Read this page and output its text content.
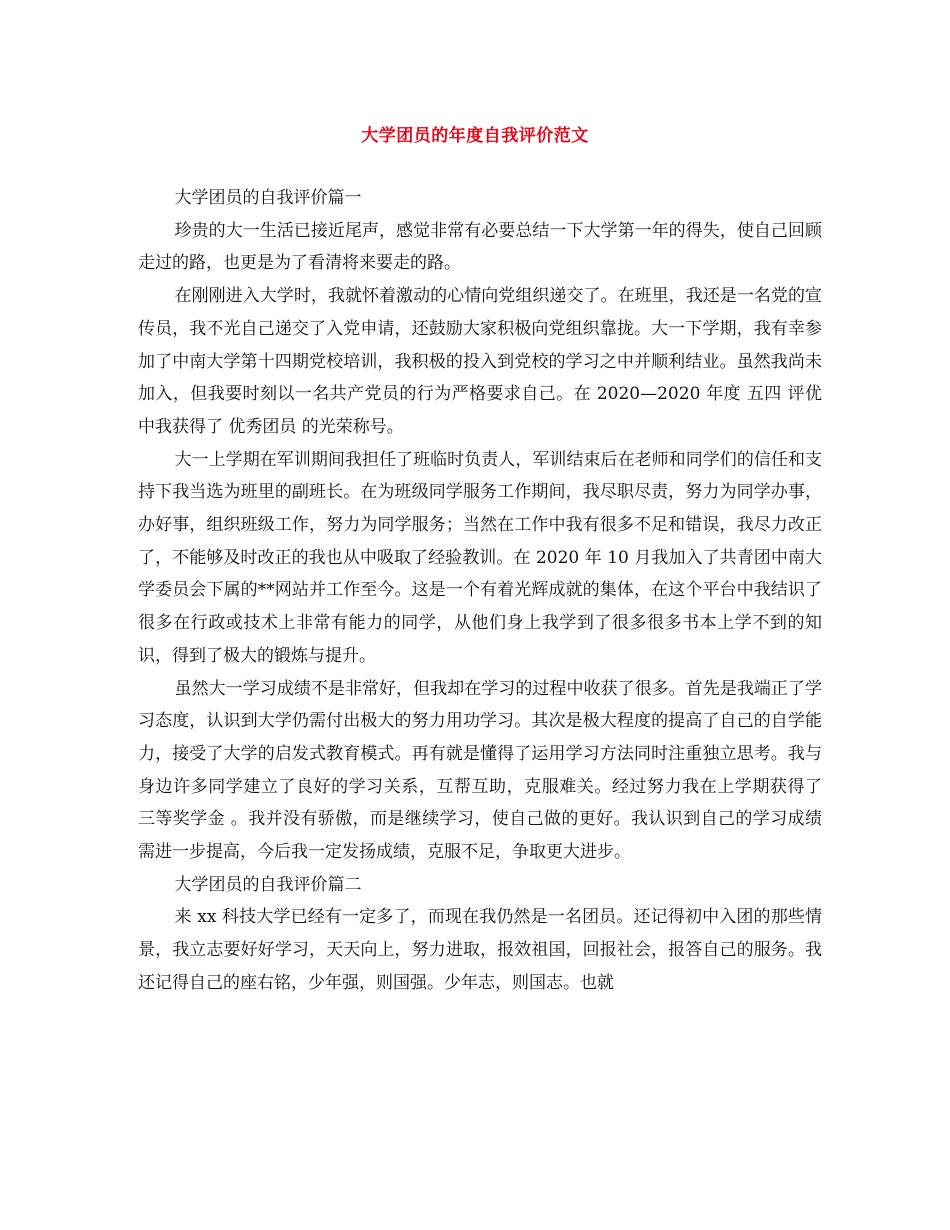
大学团员的年度自我评价范文

大学团员的自我评价篇一

珍贵的大一生活已接近尾声，感觉非常有必要总结一下大学第一年的得失，使自己回顾走过的路，也更是为了看清将来要走的路。

在刚刚进入大学时，我就怀着激动的心情向党组织递交了。在班里，我还是一名党的宣传员，我不光自己递交了入党申请，还鼓励大家积极向党组织靠拢。大一下学期，我有幸参加了中南大学第十四期党校培训，我积极的投入到党校的学习之中并顺利结业。虽然我尚未加入，但我要时刻以一名共产党员的行为严格要求自己。在 2020—2020 年度 五四 评优中我获得了 优秀团员 的光荣称号。

大一上学期在军训期间我担任了班临时负责人，军训结束后在老师和同学们的信任和支持下我当选为班里的副班长。在为班级同学服务工作期间，我尽职尽责，努力为同学办事，办好事，组织班级工作，努力为同学服务；当然在工作中我有很多不足和错误，我尽力改正了，不能够及时改正的我也从中吸取了经验教训。在 2020 年 10 月我加入了共青团中南大学委员会下属的**网站并工作至今。这是一个有着光辉成就的集体，在这个平台中我结识了很多在行政或技术上非常有能力的同学，从他们身上我学到了很多很多书本上学不到的知识，得到了极大的锻炼与提升。

虽然大一学习成绩不是非常好，但我却在学习的过程中收获了很多。首先是我端正了学习态度，认识到大学仍需付出极大的努力用功学习。其次是极大程度的提高了自己的自学能力，接受了大学的启发式教育模式。再有就是懂得了运用学习方法同时注重独立思考。我与身边许多同学建立了良好的学习关系，互帮互助，克服难关。经过努力我在上学期获得了 三等奖学金 。我并没有骄傲，而是继续学习，使自己做的更好。我认识到自己的学习成绩需进一步提高，今后我一定发扬成绩，克服不足，争取更大进步。

大学团员的自我评价篇二

来 xx 科技大学已经有一定多了，而现在我仍然是一名团员。还记得初中入团的那些情景，我立志要好好学习，天天向上，努力进取，报效祖国，回报社会，报答自己的服务。我还记得自己的座右铭，少年强，则国强。少年志，则国志。也就
